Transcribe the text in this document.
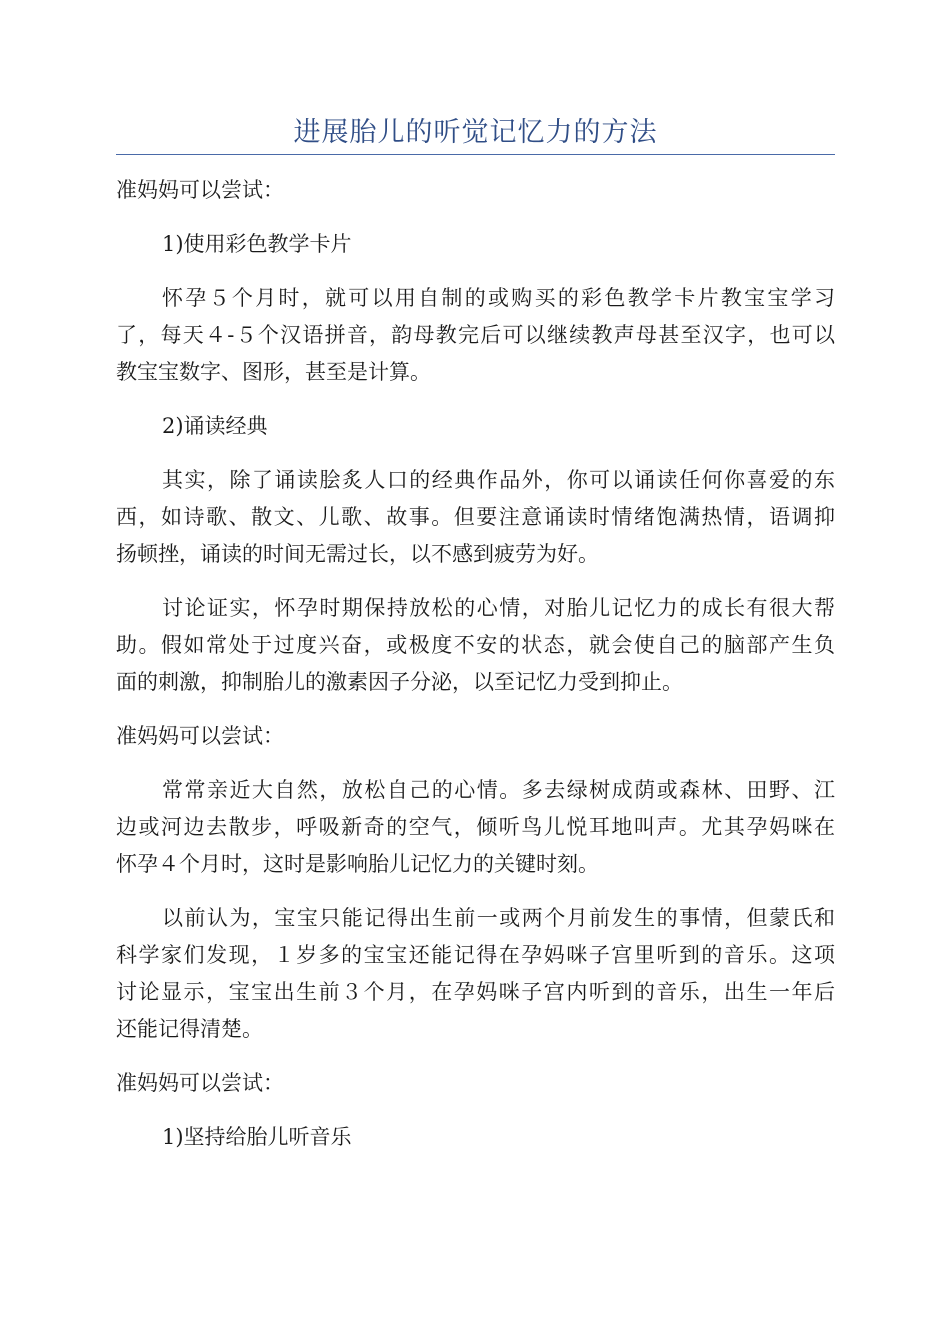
进展胎儿的听觉记忆力的方法
准妈妈可以尝试：
1)使用彩色教学卡片
怀孕５个月时，就可以用自制的或购买的彩色教学卡片教宝宝学习
了，每天４-５个汉语拼音，韵母教完后可以继续教声母甚至汉字，也可以
教宝宝数字、图形，甚至是计算。
2)诵读经典
其实，除了诵读脍炙人口的经典作品外，你可以诵读任何你喜爱的东
西，如诗歌、散文、儿歌、故事。但要注意诵读时情绪饱满热情，语调抑
扬顿挫，诵读的时间无需过长，以不感到疲劳为好。
讨论证实，怀孕时期保持放松的心情，对胎儿记忆力的成长有很大帮
助。假如常处于过度兴奋，或极度不安的状态，就会使自己的脑部产生负
面的刺激，抑制胎儿的激素因子分泌，以至记忆力受到抑止。
准妈妈可以尝试：
常常亲近大自然，放松自己的心情。多去绿树成荫或森林、田野、江
边或河边去散步，呼吸新奇的空气，倾听鸟儿悦耳地叫声。尤其孕妈咪在
怀孕４个月时，这时是影响胎儿记忆力的关键时刻。
以前认为，宝宝只能记得出生前一或两个月前发生的事情，但蒙氏和
科学家们发现，１岁多的宝宝还能记得在孕妈咪子宫里听到的音乐。这项
讨论显示，宝宝出生前３个月，在孕妈咪子宫内听到的音乐，出生一年后
还能记得清楚。
准妈妈可以尝试：
1)坚持给胎儿听音乐
